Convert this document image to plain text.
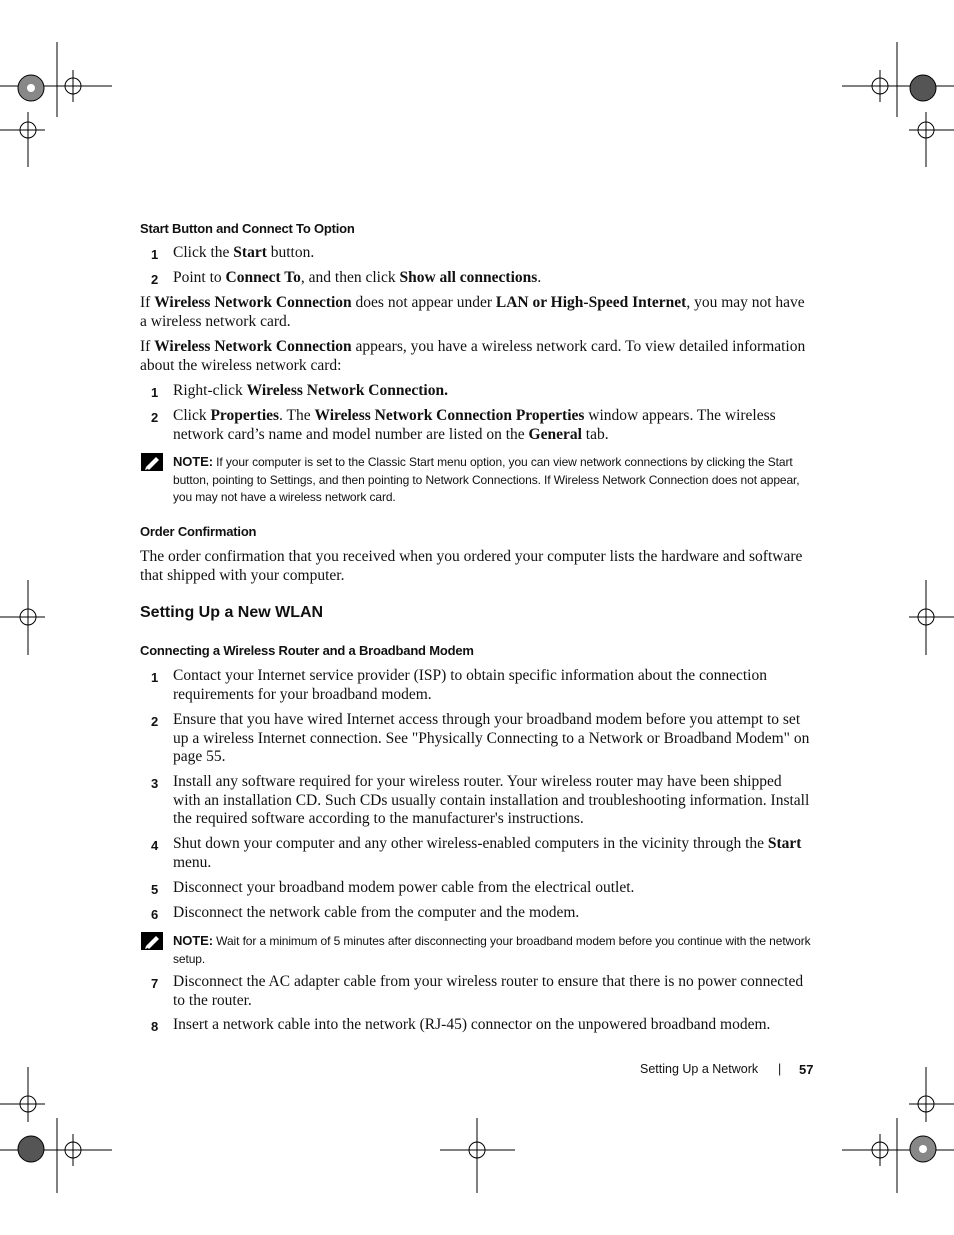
Start Button and Connect To Option
1 Click the Start button.
2 Point to Connect To, and then click Show all connections.
If Wireless Network Connection does not appear under LAN or High-Speed Internet, you may not have a wireless network card.
If Wireless Network Connection appears, you have a wireless network card. To view detailed information about the wireless network card:
1 Right-click Wireless Network Connection.
2 Click Properties. The Wireless Network Connection Properties window appears. The wireless network card’s name and model number are listed on the General tab.
NOTE: If your computer is set to the Classic Start menu option, you can view network connections by clicking the Start button, pointing to Settings, and then pointing to Network Connections. If Wireless Network Connection does not appear, you may not have a wireless network card.
Order Confirmation
The order confirmation that you received when you ordered your computer lists the hardware and software that shipped with your computer.
Setting Up a New WLAN
Connecting a Wireless Router and a Broadband Modem
1 Contact your Internet service provider (ISP) to obtain specific information about the connection requirements for your broadband modem.
2 Ensure that you have wired Internet access through your broadband modem before you attempt to set up a wireless Internet connection. See "Physically Connecting to a Network or Broadband Modem" on page 55.
3 Install any software required for your wireless router. Your wireless router may have been shipped with an installation CD. Such CDs usually contain installation and troubleshooting information. Install the required software according to the manufacturer's instructions.
4 Shut down your computer and any other wireless-enabled computers in the vicinity through the Start menu.
5 Disconnect your broadband modem power cable from the electrical outlet.
6 Disconnect the network cable from the computer and the modem.
NOTE: Wait for a minimum of 5 minutes after disconnecting your broadband modem before you continue with the network setup.
7 Disconnect the AC adapter cable from your wireless router to ensure that there is no power connected to the router.
8 Insert a network cable into the network (RJ-45) connector on the unpowered broadband modem.
Setting Up a Network | 57
